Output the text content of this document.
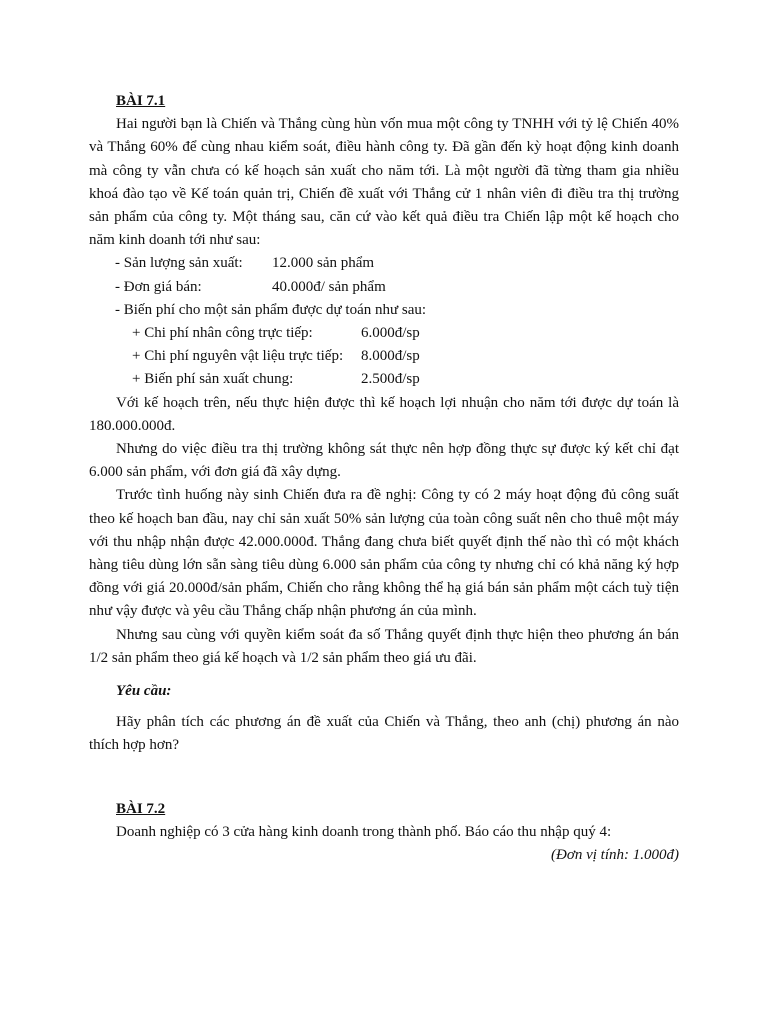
BÀI 7.1

Hai người bạn là Chiến và Thắng cùng hùn vốn mua một công ty TNHH với tỷ lệ Chiến 40% và Thắng 60% để cùng nhau kiểm soát, điều hành công ty. Đã gần đến kỳ hoạt động kinh doanh mà công ty vẫn chưa có kế hoạch sản xuất cho năm tới. Là một người đã từng tham gia nhiều khoá đào tạo về Kế toán quản trị, Chiến đề xuất với Thắng cử 1 nhân viên đi điều tra thị trường sản phẩm của công ty. Một tháng sau, căn cứ vào kết quả điều tra Chiến lập một kế hoạch cho năm kinh doanh tới như sau:

- Sản lượng sản xuất:	12.000 sản phẩm
- Đơn giá bán:	40.000đ/ sản phẩm
- Biến phí cho một sản phẩm được dự toán như sau:
+ Chi phí nhân công trực tiếp:	6.000đ/sp
+ Chi phí nguyên vật liệu trực tiếp:	8.000đ/sp
+ Biến phí sản xuất chung:	2.500đ/sp

Với kế hoạch trên, nếu thực hiện được thì kế hoạch lợi nhuận cho năm tới được dự toán là 180.000.000đ.

Nhưng do việc điều tra thị trường không sát thực nên hợp đồng thực sự được ký kết chỉ đạt 6.000 sản phẩm, với đơn giá đã xây dựng.

Trước tình huống này sinh Chiến đưa ra đề nghị: Công ty có 2 máy hoạt động đủ công suất theo kế hoạch ban đầu, nay chỉ sản xuất 50% sản lượng của toàn công suất nên cho thuê một máy với thu nhập nhận được 42.000.000đ. Thắng đang chưa biết quyết định thế nào thì có một khách hàng tiêu dùng lớn sẵn sàng tiêu dùng 6.000 sản phẩm của công ty nhưng chỉ có khả năng ký hợp đồng với giá 20.000đ/sản phẩm, Chiến cho rằng không thể hạ giá bán sản phẩm một cách tuỳ tiện như vậy được và yêu cầu Thắng chấp nhận phương án của mình.

Nhưng sau cùng với quyền kiểm soát đa số Thắng quyết định thực hiện theo phương án bán 1/2 sản phẩm theo giá kế hoạch và 1/2 sản phẩm theo giá ưu đãi.

Yêu cầu:

Hãy phân tích các phương án đề xuất của Chiến và Thắng, theo anh (chị) phương án nào thích hợp hơn?

BÀI 7.2

Doanh nghiệp có 3 cửa hàng kinh doanh trong thành phố. Báo cáo thu nhập quý 4:

(Đơn vị tính: 1.000đ)
